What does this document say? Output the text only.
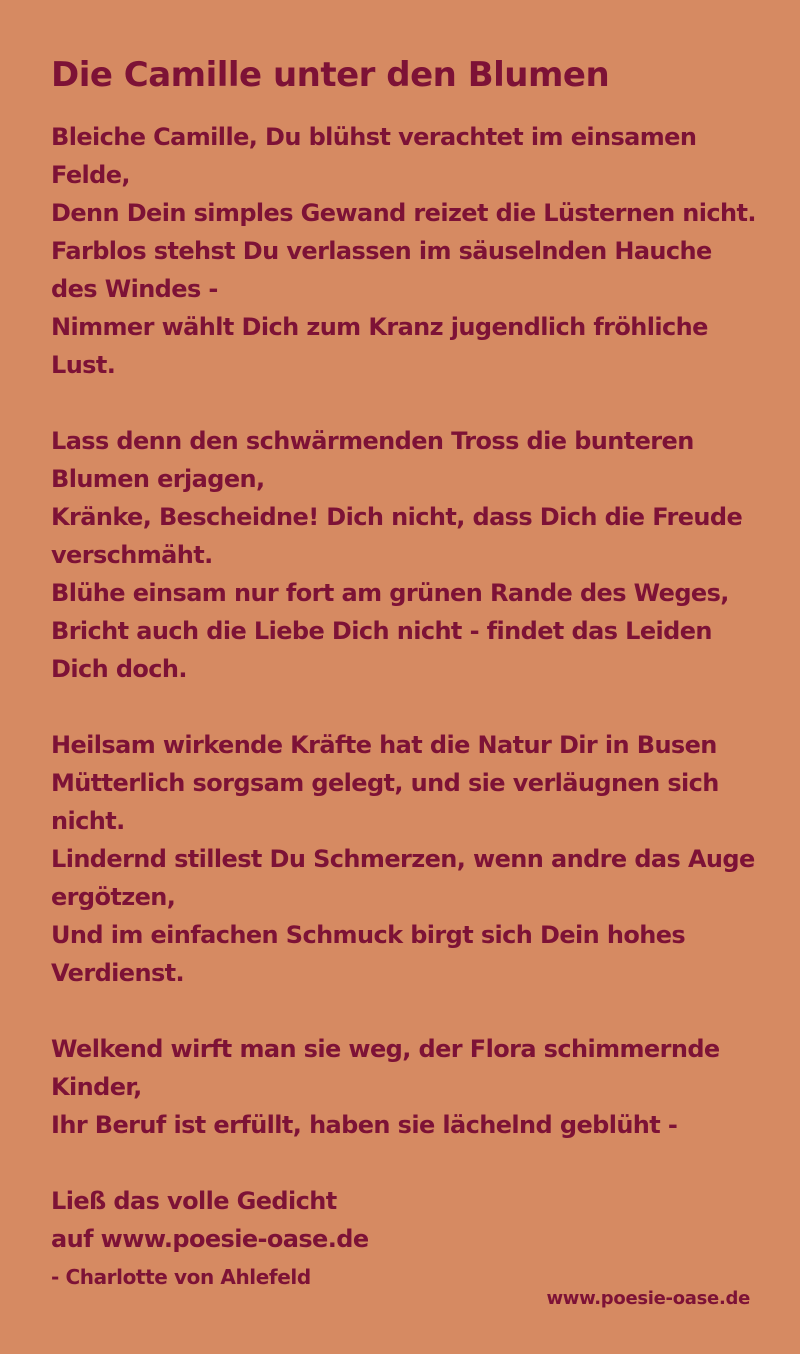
Die Camille unter den Blumen
Bleiche Camille, Du blühst verachtet im einsamen Felde,
Denn Dein simples Gewand reizet die Lüsternen nicht.
Farblos stehst Du verlassen im säuselnden Hauche des Windes -
Nimmer wählt⁠ Dich zum Kranz jugendlich fröhliche Lust.
Lass denn den schwärmenden Tross die bunteren Blumen erjagen,
Kränke, Bescheidne! Dich nicht, dass Dich die Freude verschmäht.
Blühe einsam nur fort am grünen Rande des Weges,
Bricht auch die Liebe Dich nicht - findet das Leiden Dich doch.
Heilsam wirkende Kräfte hat die Natur Dir in Busen
Mütterlich sorgsam gelegt, und sie verläugnen sich nicht.
Lindernd stillest Du Schmerzen, wenn andre das Auge ergötzen,
Und im einfachen Schmuck birgt sich Dein hohes Verdienst.
Welkend wirft man sie weg, der Flora schimmernde Kinder,
Ihr Beruf ist erfüllt, haben sie lächelnd geblüht -
Ließ das volle Gedicht
auf www.poesie-oase.de
- Charlotte von Ahlefeld
www.poesie-oase.de
